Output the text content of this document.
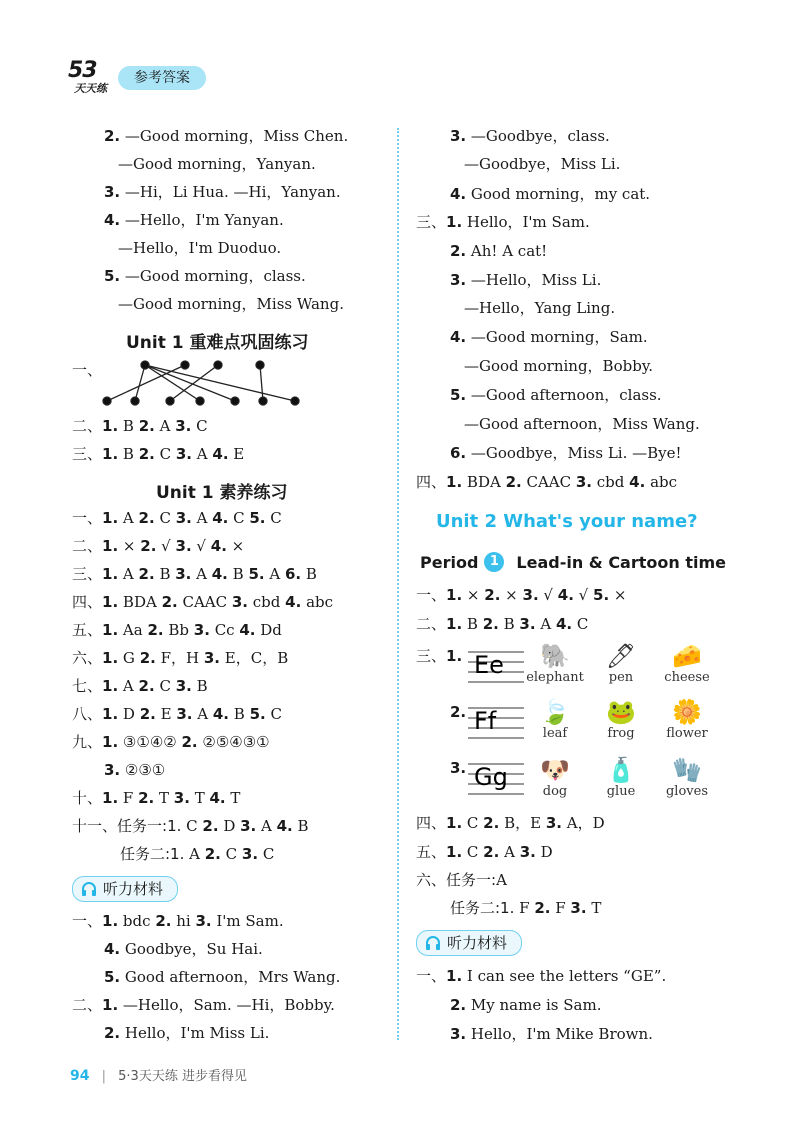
53
天天练
参考答案
2. —Good morning，Miss Chen.
—Good morning，Yanyan.
3. —Hi，Li Hua. —Hi，Yanyan.
4. —Hello，I'm Yanyan.
—Hello，I'm Duoduo.
5. —Good morning，class.
—Good morning，Miss Wang.
Unit 1 重难点巩固练习
一、
二、1. B 2. A 3. C
三、1. B 2. C 3. A 4. E
Unit 1 素养练习
一、1. A 2. C 3. A 4. C 5. C
二、1. × 2. √ 3. √ 4. ×
三、1. A 2. B 3. A 4. B 5. A 6. B
四、1. BDA 2. CAAC 3. cbd 4. abc
五、1. Aa 2. Bb 3. Cc 4. Dd
六、1. G 2. F，H 3. E，C，B
七、1. A 2. C 3. B
八、1. D 2. E 3. A 4. B 5. C
九、1. ③①④② 2. ②⑤④③①
3. ②③①
十、1. F 2. T 3. T 4. T
十一、任务一:1. C 2. D 3. A 4. B
任务二:1. A 2. C 3. C
听力材料
一、1. bdc 2. hi 3. I'm Sam.
4. Goodbye，Su Hai.
5. Good afternoon，Mrs Wang.
二、1. —Hello，Sam. —Hi，Bobby.
2. Hello，I'm Miss Li.
3. —Goodbye，class.
—Goodbye，Miss Li.
4. Good morning，my cat.
三、1. Hello，I'm Sam.
2. Ah! A cat!
3. —Hello，Miss Li.
—Hello，Yang Ling.
4. —Good morning，Sam.
—Good morning，Bobby.
5. —Good afternoon，class.
—Good afternoon，Miss Wang.
6. —Goodbye，Miss Li. —Bye!
四、1. BDA 2. CAAC 3. cbd 4. abc
Unit 2 What's your name?
Period 1	Lead-in & Cartoon time
一、1. × 2. × 3. √ 4. √ 5. ×
二、1. B 2. B 3. A 4. C
三、1. Ee	🐘
elephant
🖊
pen
🧀
cheese
2. Ff	🍃
leaf
🐸
frog
🌼
flower
3. Gg	🐶
dog
🧴
glue
🧤
gloves
四、1. C 2. B，E 3. A，D
五、1. C 2. A 3. D
六、任务一:A
任务二:1. F 2. F 3. T
听力材料
一、1. I can see the letters “GE”.
2. My name is Sam.
3. Hello，I'm Mike Brown.
94 | 5·3天天练 进步看得见
